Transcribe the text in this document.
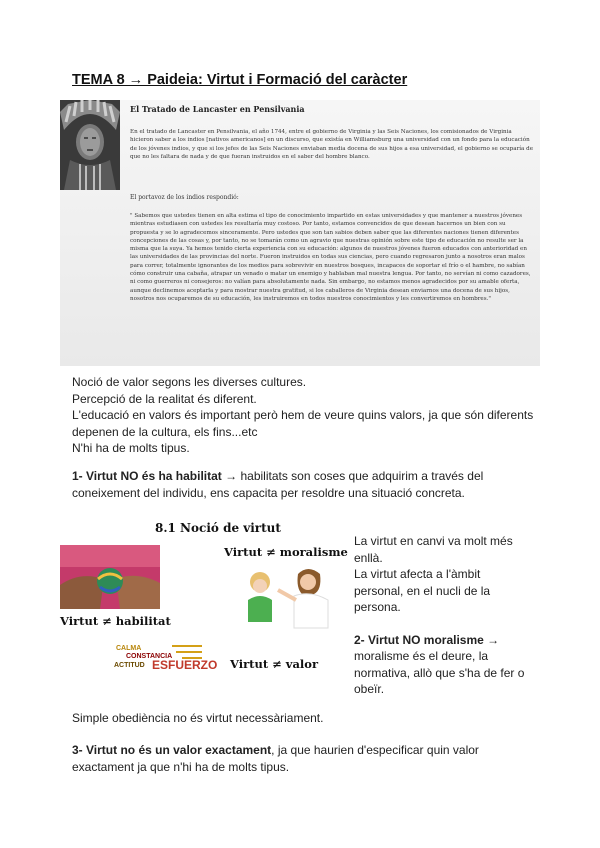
TEMA 8 → Paideia: Virtut i Formació del caràcter
El Tratado de Lancaster en Pensilvania
En el tratado de Lancaster en Pensilvania, el año 1744, entre el gobierno de Virginia y las Seis Naciones, los comisionados de Virginia hicieron saber a los indios [nativos americanos] en un discurso, que existía en Williamsburg una universidad con un fondo para la educación de los jóvenes indios, y que si los jefes de las Seis Naciones enviaban media docena de sus hijos a esa universidad, el gobierno se ocuparía de que no les faltara de nada y de que fueran instruidos en el saber del hombre blanco.
El portavoz de los indios respondió:
" Sabemos que ustedes tienen en alta estima el tipo de conocimiento impartido en estas universidades y que mantener a nuestros jóvenes mientras estudiasen con ustedes les resultaría muy costoso. Por tanto, estamos convencidos de que desean hacernos un bien con su propuesta y se lo agradecemos sinceramente. Pero ustedes que son tan sabios deben saber que las diferentes naciones tienen diferentes concepciones de las cosas y, por tanto, no se tomarán como un agravio que nuestras opinión sobre este tipo de educación no resulte ser la misma que la suya. Ya hemos tenido cierta experiencia con su educación: algunos de nuestros jóvenes fueron educados con anterioridad en las universidades de las provincias del norte. Fueron instruidos en todas sus ciencias, pero cuando regresaron junto a nosotros eran malos para correr, totalmente ignorantes de los medios para sobrevivir en nuestros bosques, incapaces de soportar el frío o el hambre, no sabían cómo construir una cabaña, atrapar un venado o matar un enemigo y hablaban mal nuestra lengua. Por tanto, no servían ni como cazadores, ni como guerreros ni consejeros: no valían para absolutamente nada. Sin embargo, no estamos menos agradecidos por su amable oferta, aunque declinemos aceptarla y para mostrar nuestra gratitud, si los caballeros de Virginia desean enviarnos una docena de sus hijos, nosotros nos ocuparemos de su educación, les instruiremos en todos nuestros conocimientos y les convertiremos en hombres."
Noció de valor segons les diverses cultures.
Percepció de la realitat és diferent.
L'educació en valors és important però hem de veure quins valors, ja que són diferents depenen de la cultura, els fins...etc
N'hi ha de molts tipus.
1- Virtut NO és ha habilitat → habilitats son coses que adquirim a través del coneixement del individu, ens capacita per resoldre una situació concreta.
8.1 Noció de virtut
Virtut ≠ moralisme
Virtut ≠ habilitat
CALMA
CONSTANCIA
ACTITUD ESFUERZO Virtut ≠ valor
La virtut en canvi va molt més enllà.
La virtut afecta a l'àmbit personal, en el nucli de la persona.
2- Virtut NO moralisme →
moralisme és el deure, la normativa, allò que s'ha de fer o obeïr.
Simple obediència no és virtut necessàriament.
3- Virtut no és un valor exactament, ja que haurien d'especificar quin valor exactament ja que n'hi ha de molts tipus.
